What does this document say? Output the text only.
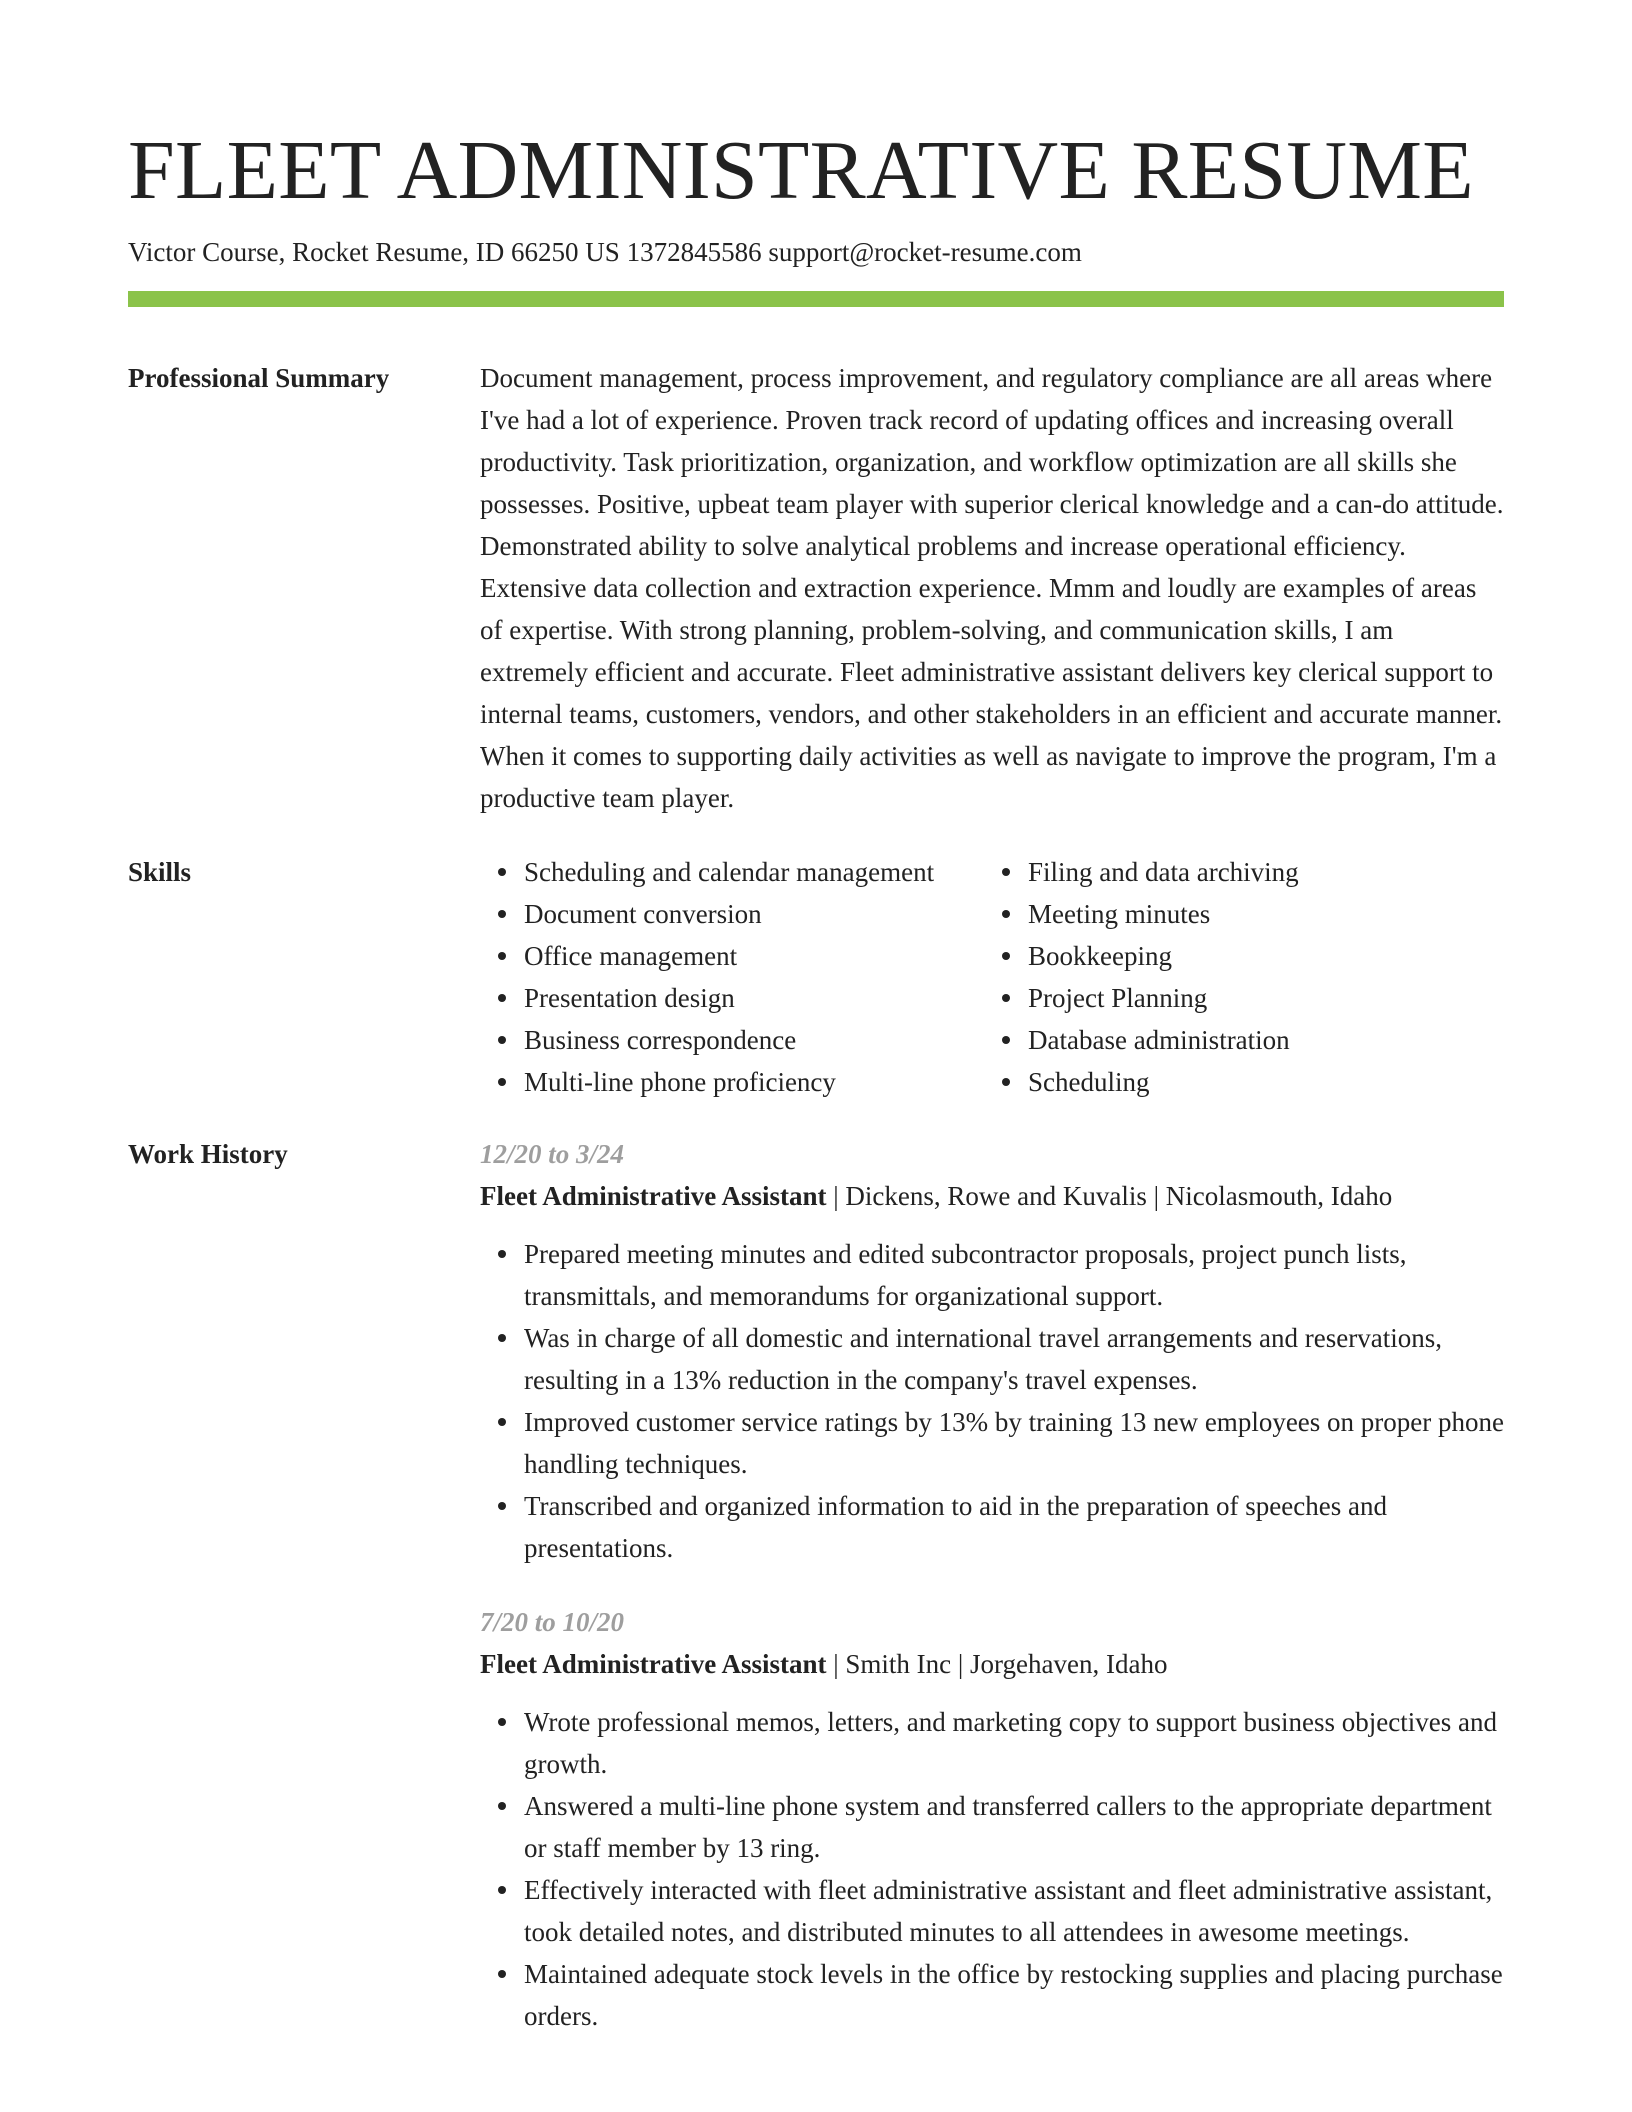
FLEET ADMINISTRATIVE RESUME
Victor Course, Rocket Resume, ID 66250 US 1372845586 support@rocket-resume.com
Professional Summary	Document management, process improvement, and regulatory compliance are all areas where I've had a lot of experience. Proven track record of updating offices and increasing overall productivity. Task prioritization, organization, and workflow optimization are all skills she possesses. Positive, upbeat team player with superior clerical knowledge and a can-do attitude. Demonstrated ability to solve analytical problems and increase operational efficiency. Extensive data collection and extraction experience. Mmm and loudly are examples of areas of expertise. With strong planning, problem-solving, and communication skills, I am extremely efficient and accurate. Fleet administrative assistant delivers key clerical support to internal teams, customers, vendors, and other stakeholders in an efficient and accurate manner. When it comes to supporting daily activities as well as navigate to improve the program, I'm a productive team player.

Skills	Scheduling and calendar management
Document conversion
Office management
Presentation design
Business correspondence
Multi-line phone proficiency
Filing and data archiving
Meeting minutes
Bookkeeping
Project Planning
Database administration
Scheduling
Work History	12/20 to 3/24
Fleet Administrative Assistant | Dickens, Rowe and Kuvalis | Nicolasmouth, Idaho
Prepared meeting minutes and edited subcontractor proposals, project punch lists, transmittals, and memorandums for organizational support.
Was in charge of all domestic and international travel arrangements and reservations, resulting in a 13% reduction in the company's travel expenses.
Improved customer service ratings by 13% by training 13 new employees on proper phone handling techniques.
Transcribed and organized information to aid in the preparation of speeches and presentations.
7/20 to 10/20
Fleet Administrative Assistant | Smith Inc | Jorgehaven, Idaho
Wrote professional memos, letters, and marketing copy to support business objectives and growth.
Answered a multi-line phone system and transferred callers to the appropriate department or staff member by 13 ring.
Effectively interacted with fleet administrative assistant and fleet administrative assistant, took detailed notes, and distributed minutes to all attendees in awesome meetings.
Maintained adequate stock levels in the office by restocking supplies and placing purchase orders.
